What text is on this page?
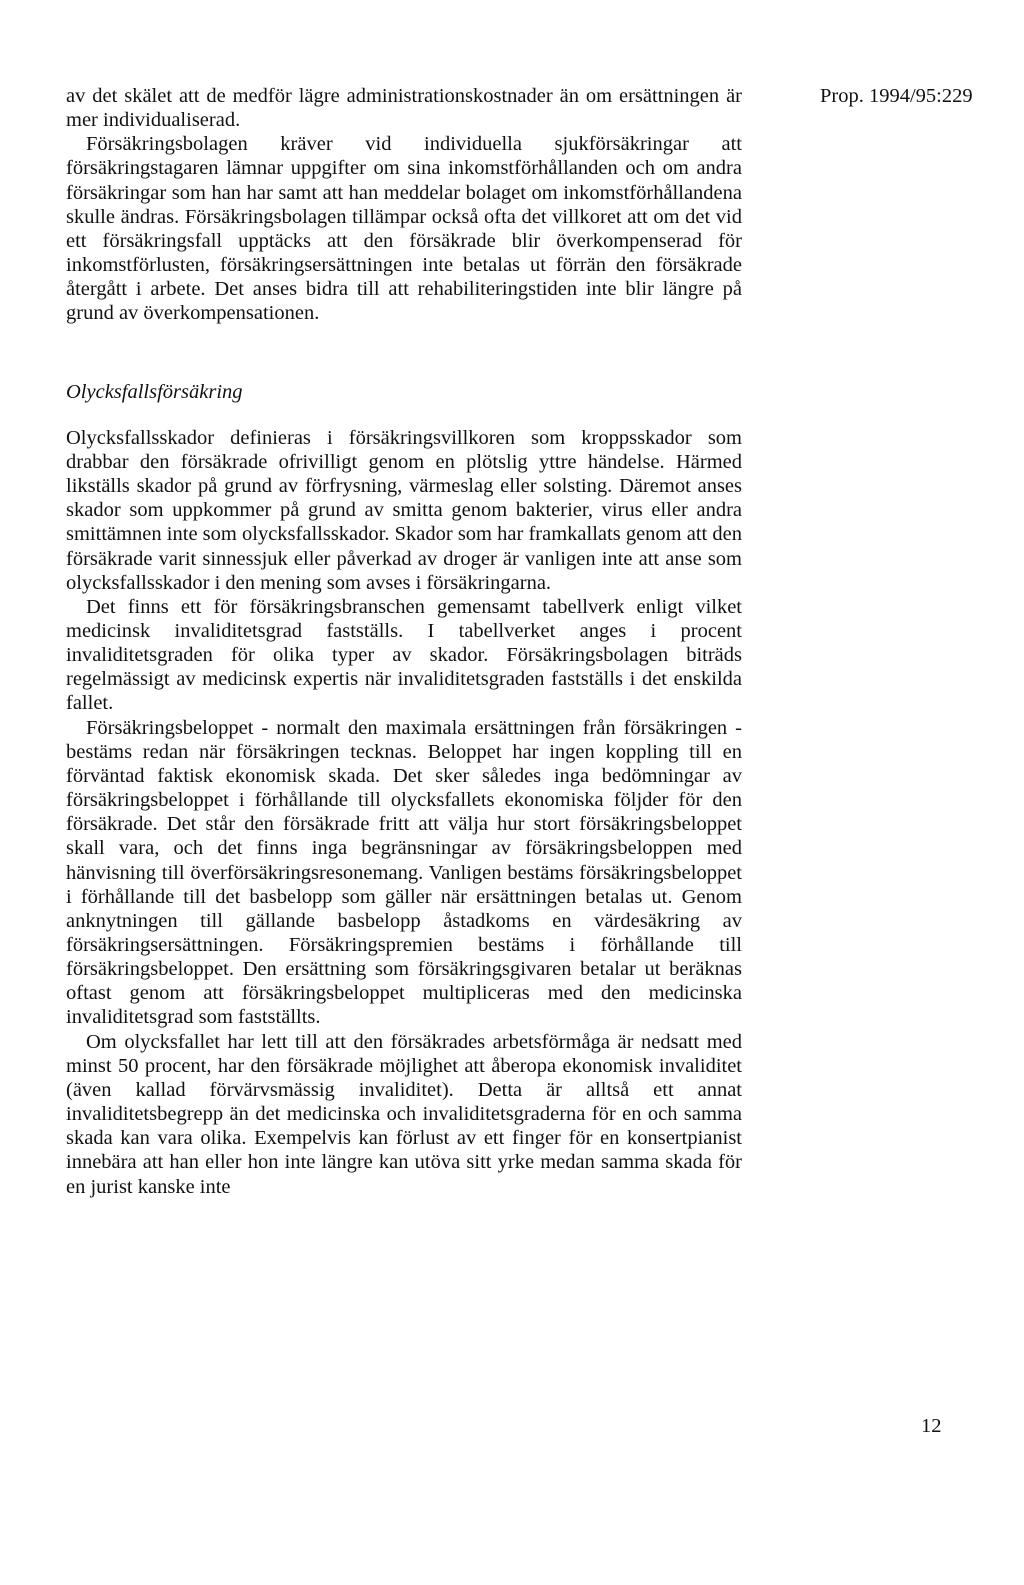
Prop. 1994/95:229

av det skälet att de medför lägre administrationskostnader än om ersättningen är mer individualiserad.

Försäkringsbolagen kräver vid individuella sjukförsäkringar att försäkringstagaren lämnar uppgifter om sina inkomstförhållanden och om andra försäkringar som han har samt att han meddelar bolaget om inkomstförhållandena skulle ändras. Försäkringsbolagen tillämpar också ofta det villkoret att om det vid ett försäkringsfall upptäcks att den försäkrade blir överkompenserad för inkomstförlusten, försäkringsersättningen inte betalas ut förrän den försäkrade återgått i arbete. Det anses bidra till att rehabiliteringstiden inte blir längre på grund av överkompensationen.

Olycksfallsförsäkring

Olycksfallsskador definieras i försäkringsvillkoren som kroppsskador som drabbar den försäkrade ofrivilligt genom en plötslig yttre händelse. Härmed likställs skador på grund av förfrysning, värmeslag eller solsting. Däremot anses skador som uppkommer på grund av smitta genom bakterier, virus eller andra smittämnen inte som olycksfallsskador. Skador som har framkallats genom att den försäkrade varit sinnessjuk eller påverkad av droger är vanligen inte att anse som olycksfallsskador i den mening som avses i försäkringarna.

Det finns ett för försäkringsbranschen gemensamt tabellverk enligt vilket medicinsk invaliditetsgrad fastställs. I tabellverket anges i procent invaliditetsgraden för olika typer av skador. Försäkringsbolagen biträds regelmässigt av medicinsk expertis när invaliditetsgraden fastställs i det enskilda fallet.

Försäkringsbeloppet - normalt den maximala ersättningen från försäkringen - bestäms redan när försäkringen tecknas. Beloppet har ingen koppling till en förväntad faktisk ekonomisk skada. Det sker således inga bedömningar av försäkringsbeloppet i förhållande till olycksfallets ekonomiska följder för den försäkrade. Det står den försäkrade fritt att välja hur stort försäkringsbeloppet skall vara, och det finns inga begränsningar av försäkringsbeloppen med hänvisning till överförsäkringsresonemang. Vanligen bestäms försäkringsbeloppet i förhållande till det basbelopp som gäller när ersättningen betalas ut. Genom anknytningen till gällande basbelopp åstadkoms en värdesäkring av försäkringsersättningen. Försäkringspremien bestäms i förhållande till försäkringsbeloppet. Den ersättning som försäkringsgivaren betalar ut beräknas oftast genom att försäkringsbeloppet multipliceras med den medicinska invaliditetsgrad som fastställts.

Om olycksfallet har lett till att den försäkrades arbetsförmåga är nedsatt med minst 50 procent, har den försäkrade möjlighet att åberopa ekonomisk invaliditet (även kallad förvärvsmässig invaliditet). Detta är alltså ett annat invaliditetsbegrepp än det medicinska och invaliditetsgraderna för en och samma skada kan vara olika. Exempelvis kan förlust av ett finger för en konsertpianist innebära att han eller hon inte längre kan utöva sitt yrke medan samma skada för en jurist kanske inte

12
